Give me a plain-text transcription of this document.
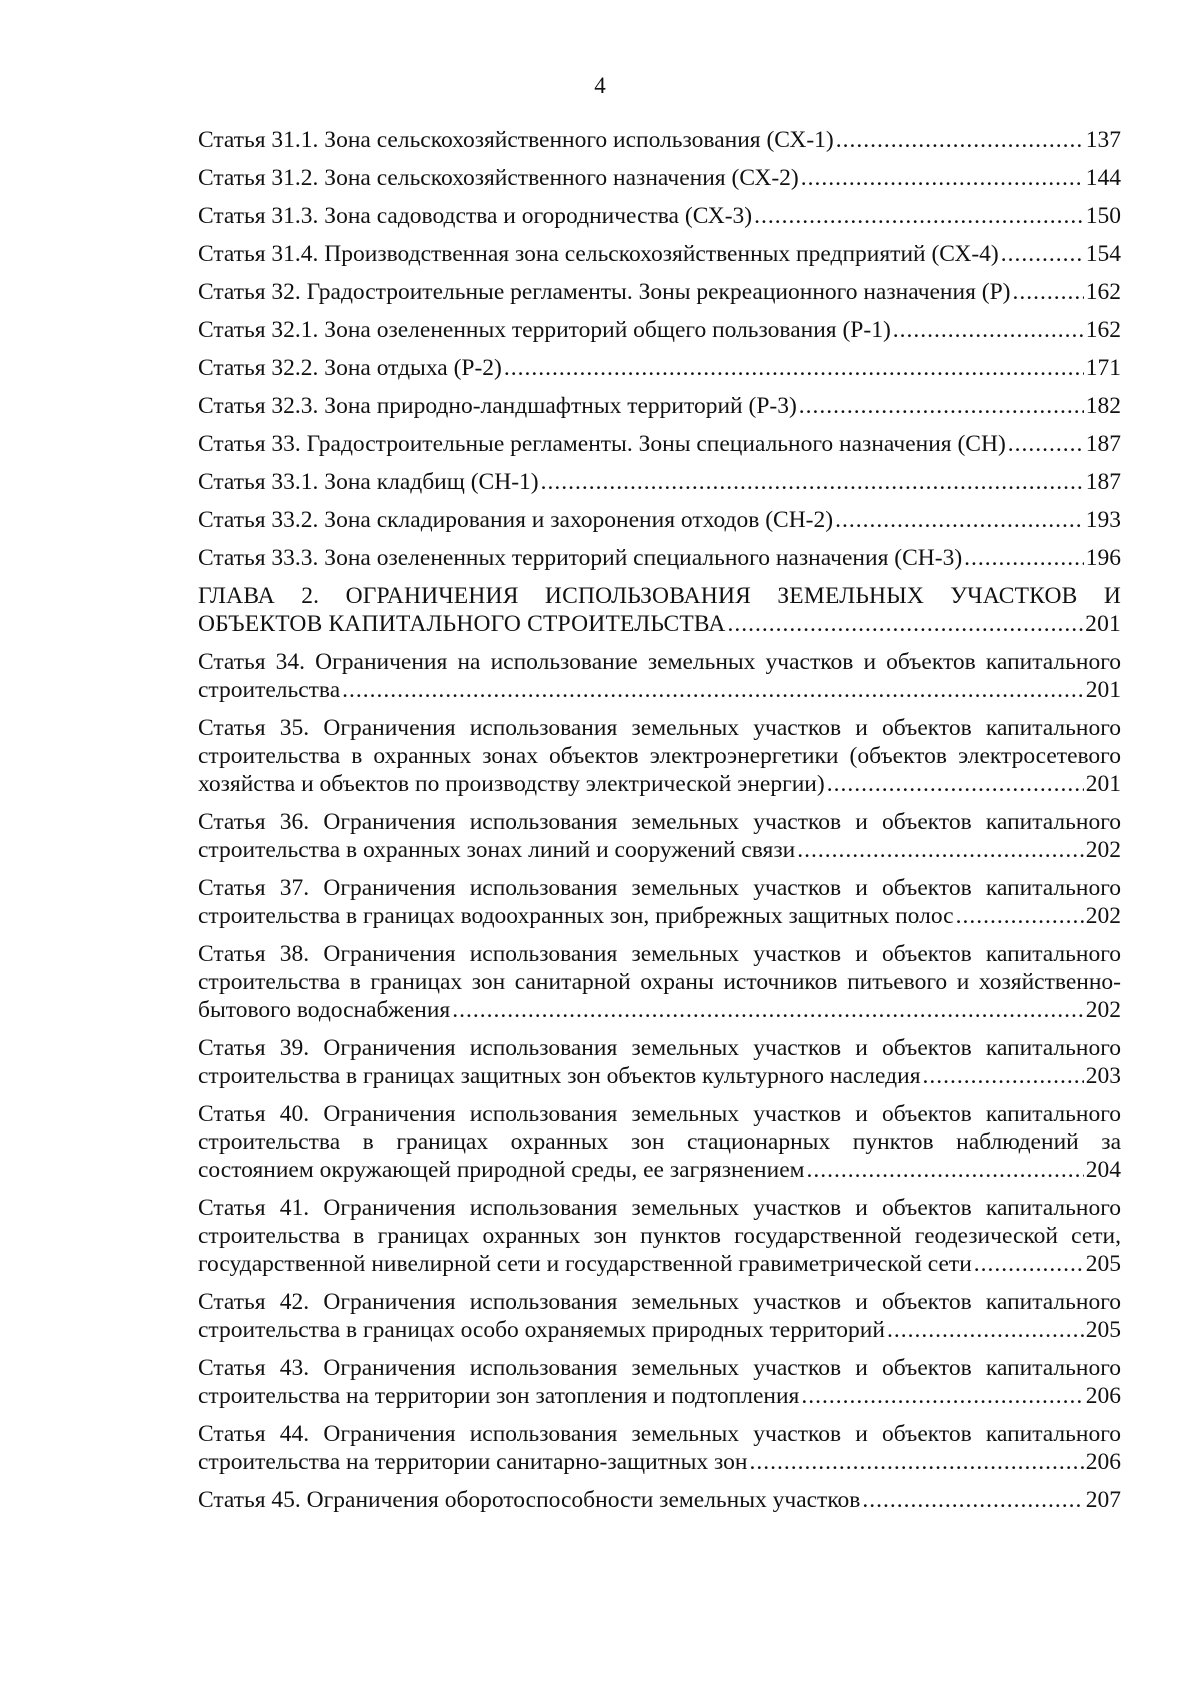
4
Статья 31.1. Зона сельскохозяйственного использования (СХ-1) .....	137
Статья 31.2. Зона сельскохозяйственного назначения (СХ-2) .....	144
Статья 31.3. Зона садоводства и огородничества (СХ-3) .....	150
Статья 31.4. Производственная зона сельскохозяйственных предприятий (СХ-4) .....	154
Статья 32. Градостроительные регламенты. Зоны рекреационного назначения (Р) .....	162
Статья 32.1. Зона озелененных территорий общего пользования (Р-1) .....	162
Статья 32.2. Зона отдыха (Р-2) .....	171
Статья 32.3. Зона природно-ландшафтных территорий (Р-3) .....	182
Статья 33. Градостроительные регламенты. Зоны специального назначения (СН) .....	187
Статья 33.1. Зона кладбищ (СН-1) .....	187
Статья 33.2. Зона складирования и захоронения отходов (СН-2) .....	193
Статья 33.3. Зона озелененных территорий специального назначения (СН-3) .....	196
ГЛАВА 2. ОГРАНИЧЕНИЯ ИСПОЛЬЗОВАНИЯ ЗЕМЕЛЬНЫХ УЧАСТКОВ И
ОБЪЕКТОВ КАПИТАЛЬНОГО СТРОИТЕЛЬСТВА .....	201
Статья 34. Ограничения на использование земельных участков и объектов капитального
строительства .....	201
Статья 35. Ограничения использования земельных участков и объектов капитального
строительства в охранных зонах объектов электроэнергетики (объектов электросетевого
хозяйства и объектов по производству электрической энергии) .....	201
Статья 36. Ограничения использования земельных участков и объектов капитального
строительства в охранных зонах линий и сооружений связи .....	202
Статья 37. Ограничения использования земельных участков и объектов капитального
строительства в границах водоохранных зон, прибрежных защитных полос .....	202
Статья 38. Ограничения использования земельных участков и объектов капитального
строительства в границах зон санитарной охраны источников питьевого и хозяйственно-
бытового водоснабжения .....	202
Статья 39. Ограничения использования земельных участков и объектов капитального
строительства в границах защитных зон объектов культурного наследия .....	203
Статья 40. Ограничения использования земельных участков и объектов капитального
строительства в границах охранных зон стационарных пунктов наблюдений за
состоянием окружающей природной среды, ее загрязнением .....	204
Статья 41. Ограничения использования земельных участков и объектов капитального
строительства в границах охранных зон пунктов государственной геодезической сети,
государственной нивелирной сети и государственной гравиметрической сети .....	205
Статья 42. Ограничения использования земельных участков и объектов капитального
строительства в границах особо охраняемых природных территорий .....	205
Статья 43. Ограничения использования земельных участков и объектов капитального
строительства на территории зон затопления и подтопления .....	206
Статья 44. Ограничения использования земельных участков и объектов капитального
строительства на территории санитарно-защитных зон .....	206
Статья 45. Ограничения оборотоспособности земельных участков .....	207
